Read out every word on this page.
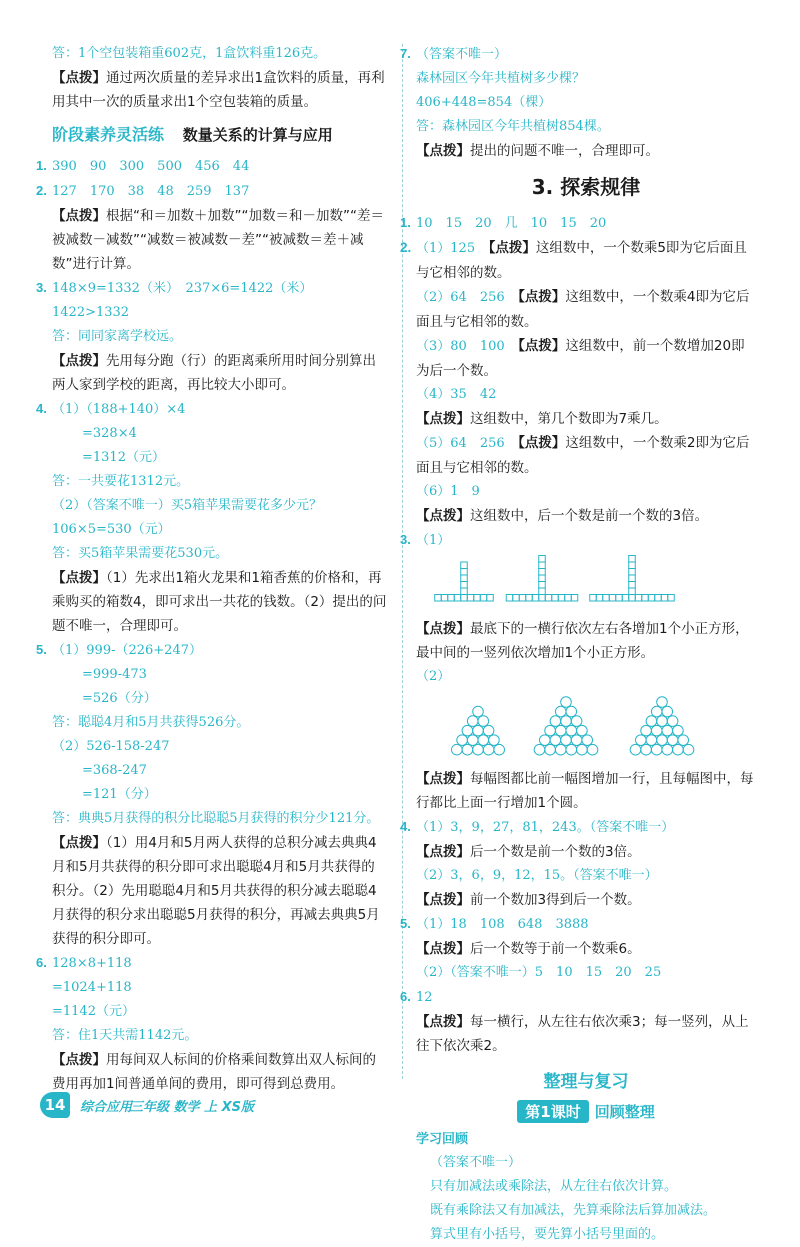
答：1个空包装箱重602克，1盒饮料重126克。

【点拨】通过两次质量的差异求出1盒饮料的质量，再利用其中一次的质量求出1个空包装箱的质量。

阶段素养灵活练 数量关系的计算与应用

1. 390　90　300　500　456　44

2. 127　170　38　48　259　137

【点拨】根据“和＝加数＋加数”“加数＝和－加数”“差＝被减数－减数”“减数＝被减数－差”“被减数＝差＋减数”进行计算。

3. 148×9=1332（米）　237×6=1422（米）

1422>1332

答：同同家离学校远。

【点拨】先用每分跑（行）的距离乘所用时间分别算出两人家到学校的距离，再比较大小即可。

4. （1）（188+140）×4

=328×4

=1312（元）

答：一共要花1312元。

（2）（答案不唯一）买5箱苹果需要花多少元？

106×5=530（元）

答：买5箱苹果需要花530元。

【点拨】（1）先求出1箱火龙果和1箱香蕉的价格和，再乘购买的箱数4，即可求出一共花的钱数。（2）提出的问题不唯一，合理即可。

5. （1）999-（226+247）

=999-473

=526（分）

答：聪聪4月和5月共获得526分。

（2）526-158-247

=368-247

=121（分）

答：典典5月获得的积分比聪聪5月获得的积分少121分。

【点拨】（1）用4月和5月两人获得的总积分减去典典4月和5月共获得的积分即可求出聪聪4月和5月共获得的积分。（2）先用聪聪4月和5月共获得的积分减去聪聪4月获得的积分求出聪聪5月获得的积分，再减去典典5月获得的积分即可。

6. 128×8+118

=1024+118

=1142（元）

答：住1天共需1142元。

【点拨】用每间双人标间的价格乘间数算出双人标间的费用再加1间普通单间的费用，即可得到总费用。

7. （答案不唯一）

森林园区今年共植树多少棵？

406+448=854（棵）

答：森林园区今年共植树854棵。

【点拨】提出的问题不唯一，合理即可。

3. 探索规律

1. 10　15　20　几　10　15　20

2. （1）125　 【点拨】这组数中，一个数乘5即为它后面且与它相邻的数。

（2）64　256　 【点拨】这组数中，一个数乘4即为它后面且与它相邻的数。

（3）80　100　 【点拨】这组数中，前一个数增加20即为后一个数。

（4）35　42

【点拨】这组数中，第几个数即为7乘几。

（5）64　256　 【点拨】这组数中，一个数乘2即为它后面且与它相邻的数。

（6）1　9

【点拨】这组数中，后一个数是前一个数的3倍。

3. （1）

【点拨】最底下的一横行依次左右各增加1个小正方形，最中间的一竖列依次增加1个小正方形。

（2）

【点拨】每幅图都比前一幅图增加一行，且每幅图中，每行都比上面一行增加1个圆。

4. （1）3，9，27，81，243。（答案不唯一）

【点拨】后一个数是前一个数的3倍。

（2）3，6，9，12，15。（答案不唯一）

【点拨】前一个数加3得到后一个数。

5. （1）18　108　648　3888

【点拨】后一个数等于前一个数乘6。

（2）（答案不唯一）5　10　15　20　25

6. 12

【点拨】每一横行，从左往右依次乘3；每一竖列，从上往下依次乘2。

整理与复习
第1课时 回顾整理
学习回顾

（答案不唯一）

只有加减法或乘除法，从左往右依次计算。

既有乘除法又有加减法，先算乘除法后算加减法。

算式里有小括号，要先算小括号里面的。

14	综合应用
三年级 数学 上 XS版
